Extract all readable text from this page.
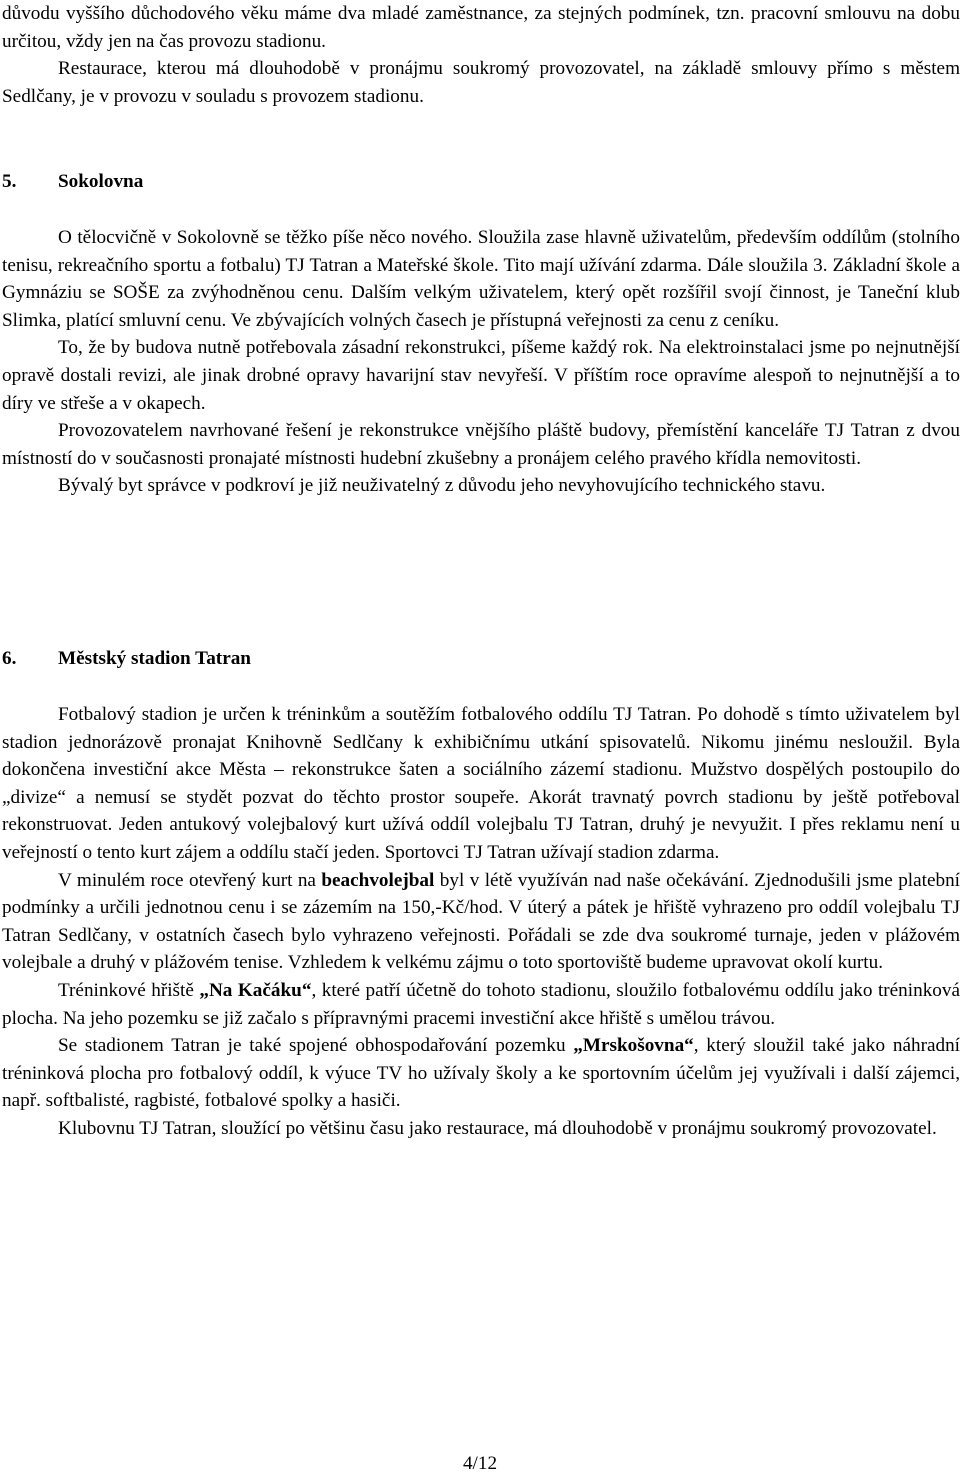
důvodu vyššího důchodového věku máme dva mladé zaměstnance, za stejných podmínek, tzn. pracovní smlouvu na dobu určitou, vždy jen na čas provozu stadionu.

Restaurace, kterou má dlouhodobě v pronájmu soukromý provozovatel, na základě smlouvy přímo s městem Sedlčany, je v provozu v souladu s provozem stadionu.

5. Sokolovna

O tělocvičně v Sokolovně se těžko píše něco nového. Sloužila zase hlavně uživatelům, především oddílům (stolního tenisu, rekreačního sportu a fotbalu) TJ Tatran a Mateřské škole. Tito mají užívání zdarma. Dále sloužila 3. Základní škole a Gymnáziu se SOŠE za zvýhodněnou cenu. Dalším velkým uživatelem, který opět rozšířil svojí činnost, je Taneční klub Slimka, platící smluvní cenu. Ve zbývajících volných časech je přístupná veřejnosti za cenu z ceníku.

To, že by budova nutně potřebovala zásadní rekonstrukci, píšeme každý rok. Na elektroinstalaci jsme po nejnutnější opravě dostali revizi, ale jinak drobné opravy havarijní stav nevyřeší. V příštím roce opravíme alespoň to nejnutnější a to díry ve střeše a v okapech.

Provozovatelem navrhované řešení je rekonstrukce vnějšího pláště budovy, přemístění kanceláře TJ Tatran z dvou místností do v současnosti pronajaté místnosti hudební zkušebny a pronájem celého pravého křídla nemovitosti.

Bývalý byt správce v podkroví je již neuživatelný z důvodu jeho nevyhovujícího technického stavu.

6. Městský stadion Tatran

Fotbalový stadion je určen k tréninkům a soutěžím fotbalového oddílu TJ Tatran. Po dohodě s tímto uživatelem byl stadion jednorázově pronajat Knihovně Sedlčany k exhibičnímu utkání spisovatelů. Nikomu jinému nesloužil. Byla dokončena investiční akce Města – rekonstrukce šaten a sociálního zázemí stadionu. Mužstvo dospělých postoupilo do „divize“ a nemusí se stydět pozvat do těchto prostor soupeře. Akorát travnatý povrch stadionu by ještě potřeboval rekonstruovat. Jeden antukový volejbalový kurt užívá oddíl volejbalu TJ Tatran, druhý je nevyužit. I přes reklamu není u veřejností o tento kurt zájem a oddílu stačí jeden. Sportovci TJ Tatran užívají stadion zdarma.

V minulém roce otevřený kurt na beachvolejbal byl v létě využíván nad naše očekávání. Zjednodušili jsme platební podmínky a určili jednotnou cenu i se zázemím na 150,-Kč/hod. V úterý a pátek je hřiště vyhrazeno pro oddíl volejbalu TJ Tatran Sedlčany, v ostatních časech bylo vyhrazeno veřejnosti. Pořádali se zde dva soukromé turnaje, jeden v plážovém volejbale a druhý v plážovém tenise. Vzhledem k velkému zájmu o toto sportoviště budeme upravovat okolí kurtu.

Tréninkové hřiště „Na Kačáku“, které patří účetně do tohoto stadionu, sloužilo fotbalovému oddílu jako tréninková plocha. Na jeho pozemku se již začalo s přípravnými pracemi investiční akce hřiště s umělou trávou.

Se stadionem Tatran je také spojené obhospodařování pozemku „Mrskošovna“, který sloužil také jako náhradní tréninková plocha pro fotbalový oddíl, k výuce TV ho užívaly školy a ke sportovním účelům jej využívali i další zájemci, např. softbalisté, ragbisté, fotbalové spolky a hasiči.

Klubovnu TJ Tatran, sloužící po většinu času jako restaurace, má dlouhodobě v pronájmu soukromý provozovatel.

4/12
